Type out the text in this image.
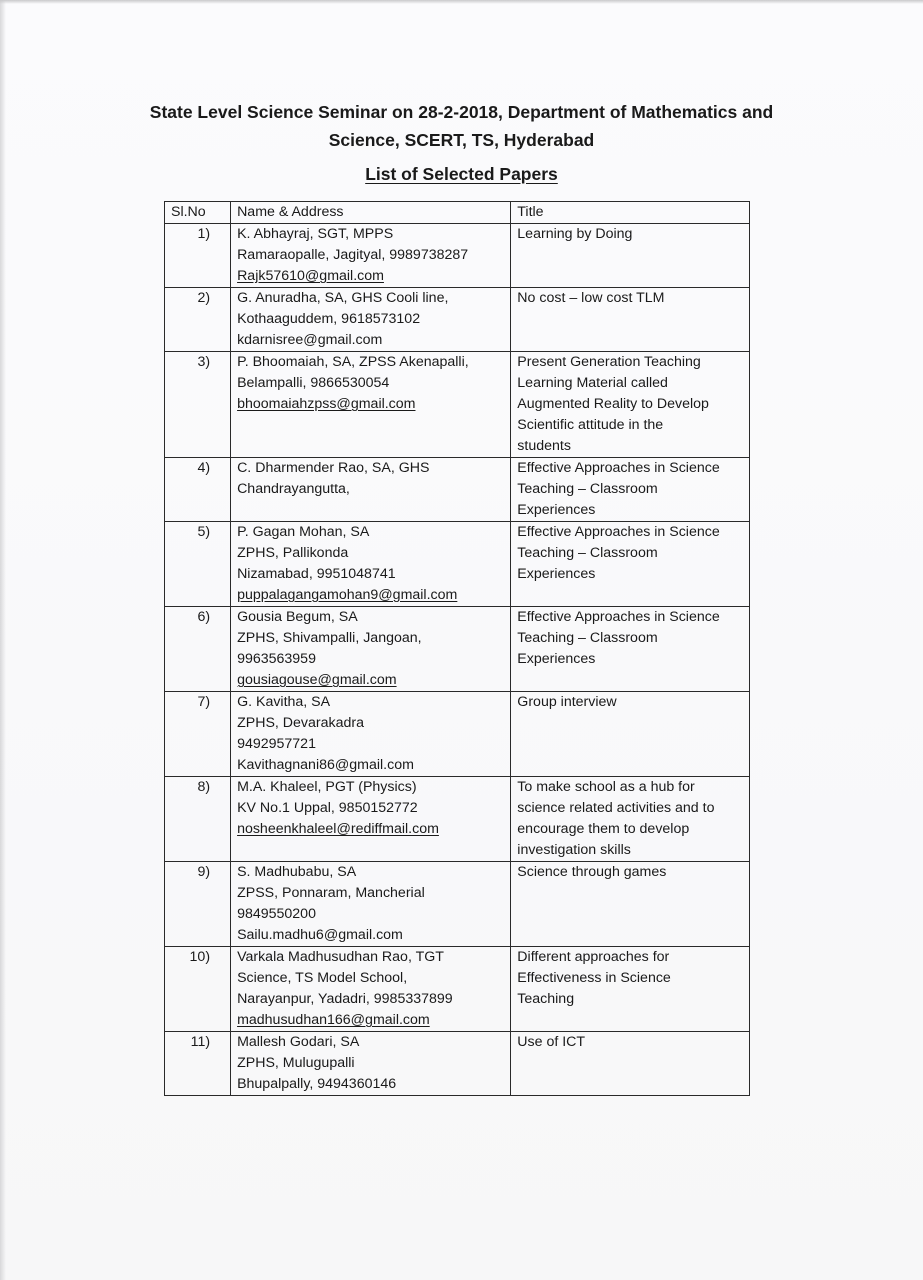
State Level Science Seminar on 28-2-2018, Department of Mathematics and
Science, SCERT, TS, Hyderabad
List of Selected Papers
Sl.No	Name & Address	Title
1)	K. Abhayraj, SGT, MPPS
Ramaraopalle, Jagityal, 9989738287
Rajk57610@gmail.com	Learning by Doing

2)	G. Anuradha, SA, GHS Cooli line,
Kothaaguddem, 9618573102
kdarnisree@gmail.com	No cost – low cost TLM

3)	P. Bhoomaiah, SA, ZPSS Akenapalli,
Belampalli, 9866530054
bhoomaiahzpss@gmail.com	Present Generation Teaching
Learning Material called
Augmented Reality to Develop
Scientific attitude in the
students

4)	C. Dharmender Rao, SA, GHS
Chandrayangutta,	Effective Approaches in Science
Teaching – Classroom
Experiences

5)	P. Gagan Mohan, SA
ZPHS, Pallikonda
Nizamabad, 9951048741
puppalagangamohan9@gmail.com	Effective Approaches in Science
Teaching – Classroom
Experiences

6)	Gousia Begum, SA
ZPHS, Shivampalli, Jangoan,
9963563959
gousiagouse@gmail.com	Effective Approaches in Science
Teaching – Classroom
Experiences

7)	G. Kavitha, SA
ZPHS, Devarakadra
9492957721
Kavithagnani86@gmail.com	Group interview

8)	M.A. Khaleel, PGT (Physics)
KV No.1 Uppal, 9850152772
nosheenkhaleel@rediffmail.com	To make school as a hub for
science related activities and to
encourage them to develop
investigation skills

9)	S. Madhubabu, SA
ZPSS, Ponnaram, Mancherial
9849550200
Sailu.madhu6@gmail.com	Science through games

10)	Varkala Madhusudhan Rao, TGT
Science, TS Model School,
Narayanpur, Yadadri, 9985337899
madhusudhan166@gmail.com	Different approaches for
Effectiveness in Science
Teaching

11)	Mallesh Godari, SA
ZPHS, Mulugupalli
Bhupalpally, 9494360146	Use of ICT
